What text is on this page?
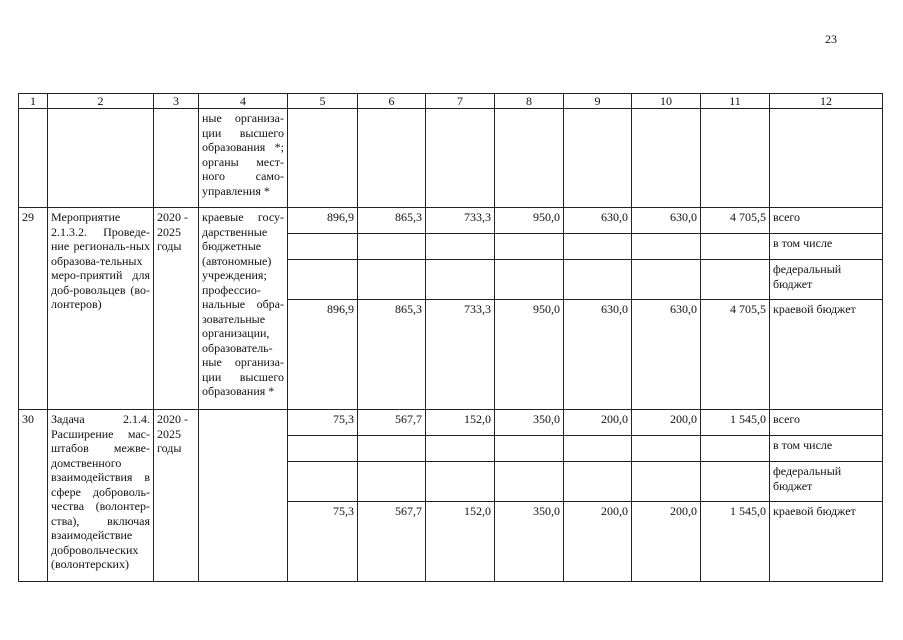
23
1	2	3	4	5	6	7	8	9	10	11	12
			ные организа-ции высшего образования *; органы мест-ного само-управления *								
29	Мероприятие 2.1.3.2. Проведе-ние региональ-ных образова-тельных меро-приятий для доб-ровольцев (во-лонтеров)	2020 - 2025 годы	краевые госу-дарственные бюджетные (автономные) учреждения; профессио-нальные обра-зовательные организации, образователь-ные организа-ции высшего образования *	896,9	865,3	733,3	950,0	630,0	630,0	4 705,5	всего
											в том числе
											федеральный бюджет
				896,9	865,3	733,3	950,0	630,0	630,0	4 705,5	краевой бюджет
30	Задача 2.1.4. Расширение мас-штабов межве-домственного взаимодействия в сфере доброволь-чества (волонтер-ства), включая взаимодействие добровольческих (волонтерских)	2020 - 2025 годы		75,3	567,7	152,0	350,0	200,0	200,0	1 545,0	всего
											в том числе
											федеральный бюджет
				75,3	567,7	152,0	350,0	200,0	200,0	1 545,0	краевой бюджет
